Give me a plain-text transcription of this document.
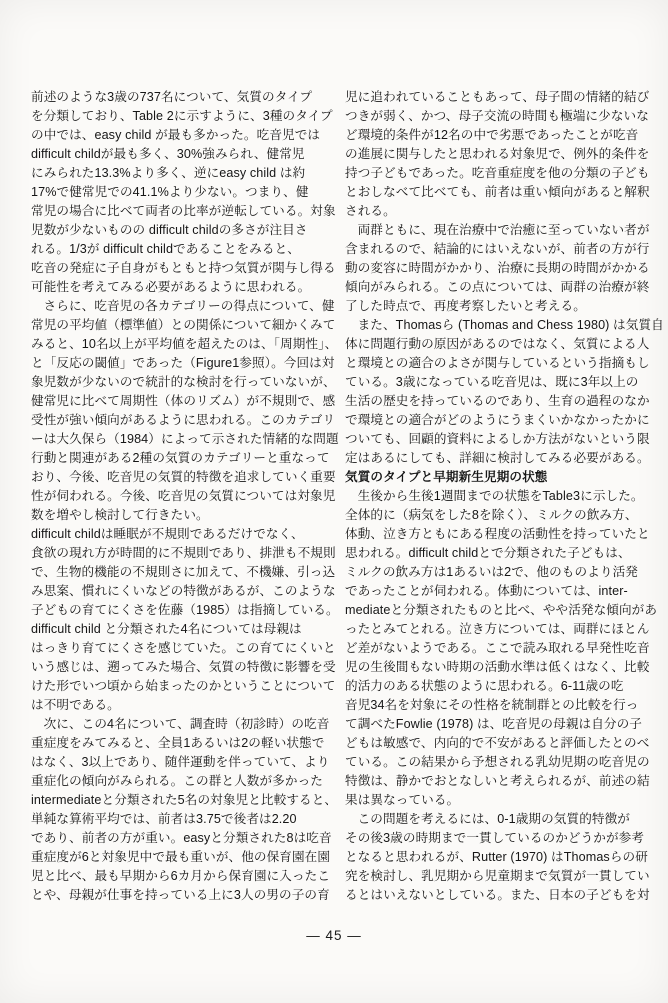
前述のような3歳の737名について、気質のタイプ
を分類しており、Table 2に示すように、3種のタイプ
の中では、easy child が最も多かった。吃音児では
difficult childが最も多く、30%強みられ、健常児
にみられた13.3%より多く、逆にeasy child は約
17%で健常児での41.1%より少ない。つまり、健
常児の場合に比べて両者の比率が逆転している。対象
児数が少ないものの difficult childの多さが注目さ
れる。1/3が difficult childであることをみると、
吃音の発症に子自身がもともと持つ気質が関与し得る
可能性を考えてみる必要があるように思われる。
さらに、吃音児の各カテゴリーの得点について、健
常児の平均値（標準値）との関係について細かくみて
みると、10名以上が平均値を超えたのは、「周期性」、
と「反応の閾値」であった（Figure1参照）。今回は対
象児数が少ないので統計的な検討を行っていないが、
健常児に比べて周期性（体のリズム）が不規則で、感
受性が強い傾向があるように思われる。このカテゴリ
ーは大久保ら（1984）によって示された情緒的な問題
行動と関連がある2種の気質のカテゴリーと重なって
おり、今後、吃音児の気質的特徴を追求していく重要
性が伺われる。今後、吃音児の気質については対象児
数を増やし検討して行きたい。
difficult childは睡眠が不規則であるだけでなく、
食欲の現れ方が時間的に不規則であり、排泄も不規則
で、生物的機能の不規則さに加えて、不機嫌、引っ込
み思案、慣れにくいなどの特徴があるが、このような
子どもの育てにくさを佐藤（1985）は指摘している。
difficult child と分類された4名については母親は
はっきり育てにくさを感じていた。この育てにくいと
いう感じは、遡ってみた場合、気質の特徴に影響を受
けた形でいつ頃から始まったのかということについて
は不明である。
次に、この4名について、調査時（初診時）の吃音
重症度をみてみると、全員1あるいは2の軽い状態で
はなく、3以上であり、随伴運動を伴っていて、より
重症化の傾向がみられる。この群と人数が多かった
intermediateと分類された5名の対象児と比較すると、
単純な算術平均では、前者は3.75で後者は2.20
であり、前者の方が重い。easyと分類された8は吃音
重症度が6と対象児中で最も重いが、他の保育園在園
児と比べ、最も早期から6カ月から保育園に入ったこ
とや、母親が仕事を持っている上に3人の男の子の育
児に追われていることもあって、母子間の情緒的結び
つきが弱く、かつ、母子交流の時間も極端に少ないな
ど環境的条件が12名の中で劣悪であったことが吃音
の進展に関与したと思われる対象児で、例外的条件を
持つ子どもであった。吃音重症度を他の分類の子ども
とおしなべて比べても、前者は重い傾向があると解釈
される。
両群ともに、現在治療中で治癒に至っていない者が
含まれるので、結論的にはいえないが、前者の方が行
動の変容に時間がかかり、治療に長期の時間がかかる
傾向がみられる。この点については、両群の治療が終
了した時点で、再度考察したいと考える。
また、Thomasら (Thomas and Chess 1980) は気質自
体に問題行動の原因があるのではなく、気質による人
と環境との適合のよさが関与しているという指摘もし
ている。3歳になっている吃音児は、既に3年以上の
生活の歴史を持っているのであり、生育の過程のなか
で環境との適合がどのようにうまくいかなかったかに
ついても、回顧的資料によるしか方法がないという限
定はあるにしても、詳細に検討してみる必要がある。
気質のタイプと早期新生児期の状態
生後から生後1週間までの状態をTable3に示した。
全体的に（病気をした8を除く）、ミルクの飲み方、
体動、泣き方ともにある程度の活動性を持っていたと
思われる。difficult childとで分類された子どもは、
ミルクの飲み方は1あるいは2で、他のものより活発
であったことが伺われる。体動については、inter-
mediateと分類されたものと比べ、やや活発な傾向があ
ったとみてとれる。泣き方については、両群にほとん
ど差がないようである。ここで読み取れる早発性吃音
児の生後間もない時期の活動水準は低くはなく、比較
的活力のある状態のように思われる。6-11歳の吃
音児34名を対象にその性格を統制群との比較を行っ
て調べたFowlie (1978) は、吃音児の母親は自分の子
どもは敏感で、内向的で不安があると評価したとのべ
ている。この結果から予想される乳幼児期の吃音児の
特徴は、静かでおとなしいと考えられるが、前述の結
果は異なっている。
この問題を考えるには、0-1歳期の気質的特徴が
その後3歳の時期まで一貫しているのかどうかが参考
となると思われるが、Rutter (1970) はThomasらの研
究を検討し、乳児期から児童期まで気質が一貫してい
るとはいえないとしている。また、日本の子どもを対
— 45 —
